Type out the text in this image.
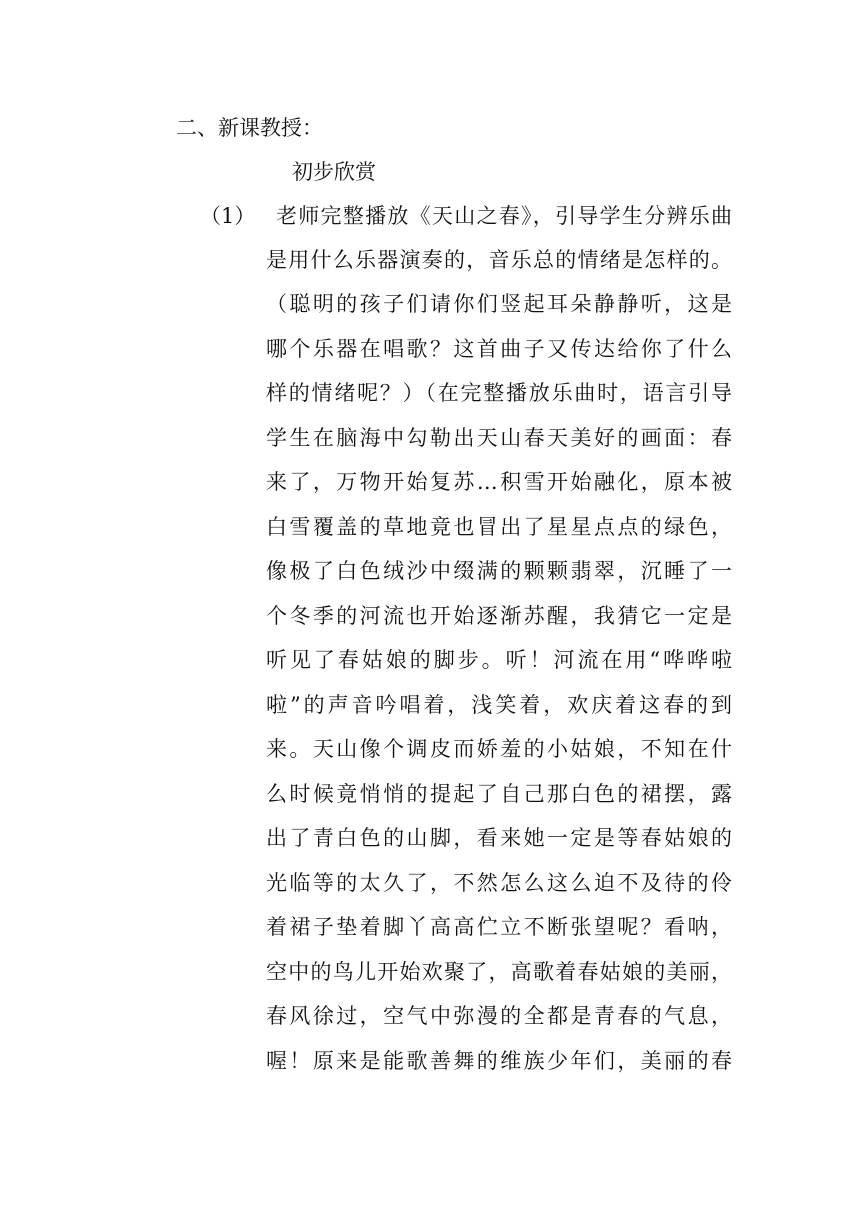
二、新课教授：
初步欣赏
（1） 老师完整播放《天山之春》，引导学生分辨乐曲
是用什么乐器演奏的，音乐总的情绪是怎样的。
（聪明的孩子们请你们竖起耳朵静静听，这是
哪个乐器在唱歌？这首曲子又传达给你了什么
样的情绪呢？）（在完整播放乐曲时，语言引导
学生在脑海中勾勒出天山春天美好的画面：春
来了，万物开始复苏…积雪开始融化，原本被
白雪覆盖的草地竟也冒出了星星点点的绿色，
像极了白色绒沙中缀满的颗颗翡翠，沉睡了一
个冬季的河流也开始逐渐苏醒，我猜它一定是
听见了春姑娘的脚步。听！河流在用“哗哗啦
啦”的声音吟唱着，浅笑着，欢庆着这春的到
来。天山像个调皮而娇羞的小姑娘，不知在什
么时候竟悄悄的提起了自己那白色的裙摆，露
出了青白色的山脚，看来她一定是等春姑娘的
光临等的太久了，不然怎么这么迫不及待的伶
着裙子垫着脚丫高高伫立不断张望呢？看呐，
空中的鸟儿开始欢聚了，高歌着春姑娘的美丽，
春风徐过，空气中弥漫的全都是青春的气息，
喔！原来是能歌善舞的维族少年们，美丽的春
